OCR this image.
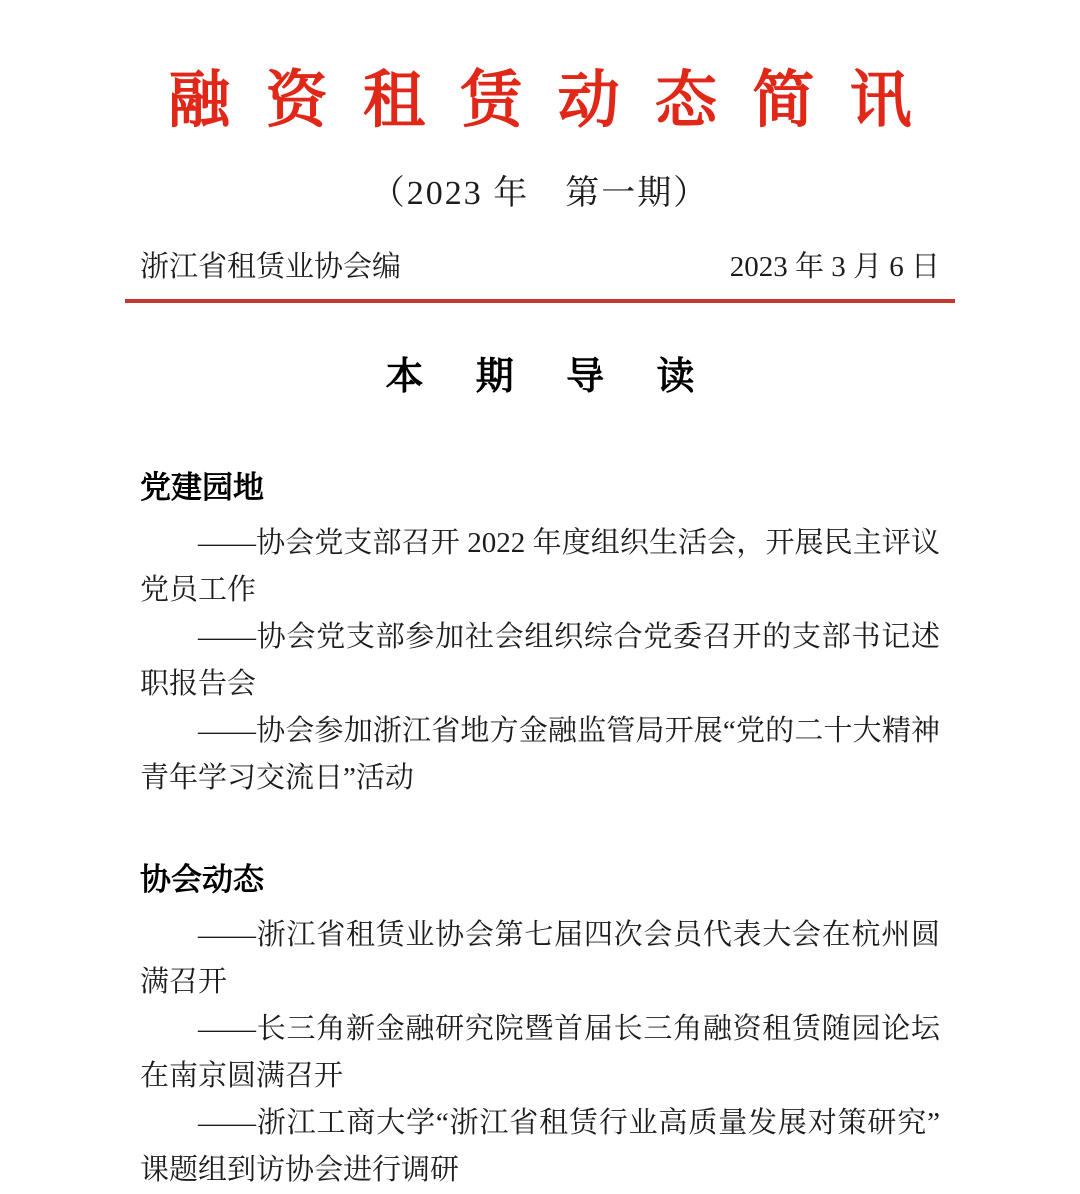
融 资 租 赁 动 态 简 讯
（2023 年　第一期）
浙江省租赁业协会编	2023 年 3 月 6 日
本 期 导 读
党建园地

——协会党支部召开 2022 年度组织生活会，开展民主评议党员工作

——协会党支部参加社会组织综合党委召开的支部书记述职报告会

——协会参加浙江省地方金融监管局开展“党的二十大精神青年学习交流日”活动

协会动态

——浙江省租赁业协会第七届四次会员代表大会在杭州圆满召开

——长三角新金融研究院暨首届长三角融资租赁随园论坛在南京圆满召开

——浙江工商大学“浙江省租赁行业高质量发展对策研究”课题组到访协会进行调研
